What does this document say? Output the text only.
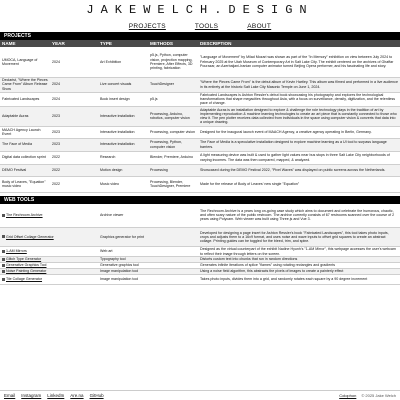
JAKEWELCH.DESIGN
PROJECTS	TOOLS	ABOUT
PROJECTS
NAME	YEAR	TYPE	METHODS	DESCRIPTION
UMOCA, Language of Movement	2024	Art Exhibition	p5.js, Python, computer vision, projection mapping, Premiere, After Effects, 3D printing, fabrication	"Language of Movement" by Milad Mozari was shown as part of the "In Memory" exhibition on view between July 2024 to February 2025 at the Utah Museum of Contemporary Art in Salt Lake City. The exhibit centered on the archives of Ghaffar Pourazar, an Azerbaijani-Iranian computer animator turned Beijing Opera performer, and his fascinating life and story.
Declarist, "Where the Pieces Came From" Album Release Show	2024	Live concert visuals	TouchDesigner	"Where the Pieces Came From" is the debut album of Kevin Hartley. This album was filmed and performed in a live audience in its entirety at the historic Salt Lake City Masonic Temple on June 1, 2024.
Fabricated Landscapes	2024	Book insert design	p5.js	Fabricated Landscapes is Ashton Ressler's debut book showcasing his photography and explores the technological transformations that shape megacities throughout Asia, with a focus on surveillance, density, digitization, and the relentless pace of change.
Adaptable Auras	2023	Interactive installation	Processing, Arduino, robotics, computer vision	Adaptable Auras is an installation designed to explore & challenge the role technology plays in the tradition of art by implementing reproduction & machine learning technologies to create an art piece that is constantly connected to those who view it. The pen plotter receives data collected from individuals in the space using computer vision & converts that data into a unique drawing.
MAACH Agency Launch Event	2023	Interactive installation	Processing, computer vision	Designed for the inaugural launch event of MAACH Agency, a creative agency operating in Berlin, Germany.
The Face of Media	2023	Interactive installation	Processing, Python, computer vision	The Face of Media is a speculative installation designed to explore machine learning as a UI tool to surpass language barriers.
Digital data collection sprint	2022	Research	Blender, Premiere, Arduino	A light measuring device was built & used to gather light values near bus stops in three Salt Lake City neighborhoods of varying incomes. The data was then compared, mapped, & analyzed.
DEMO Festival	2022	Motion design	Processing	Showcased during the DEMO Festival 2022, "Pixel Waves" was displayed on public screens across the Netherlands.
Body of Leaves, "Equation" music video	2022	Music video	Processing, Blender, TouchDesigner, Premiere	Made for the release of Body of Leaves' new single "Equation"
WEB TOOLS
The Rechroom Archive	Archive viewer	The Rechroom Archive is a years long on-going case study which aims to document and celebrate the humorous, chaotic, and often scary nature of the public restroom. The archive currently consists of 67 restrooms scanned over the course of 2 years using Polycam. Web viewer was built using Three.js and Vue 3.
Grid Offset Collage Generator	Graphics generator for print	Developed for designing a page insert for Ashton Ressler's book "Fabricated Landscapes", this tool takes photo inputs, crops and adjusts them to a 16x9 format, and uses noise and wave inputs to offset grid squares to create an abstract collage. Printing guides can be toggled for the bleed, trim, and spine.
1-AM Mirrors	Web art	Designed as the virtual counterpart of the exhibit Nadine Hyunh's "1-AM Mirror", this webpage accesses the user's webcam to reflect their image through letters on the screen.
Glitch Type Generator	Typography tool	Distorts custom text into chunks that run in random directions
Generative Graphics Tool	Generative graphics tool	Generates infinite iterations of splice "flames" using rotating rectangles and gradients
Noise Painting Generator	Image manipulation tool	Using a noise field algorithm, this abstracts the pixels of images to create a painterly effect
Tile Collage Generator	Image manipulation tool	Takes photo inputs, divides them into a grid, and randomly rotates each square by a 90 degree increment
Email Instagram LinkedIn Are.na GitHub	Colophon © 2025 Jake Welch
